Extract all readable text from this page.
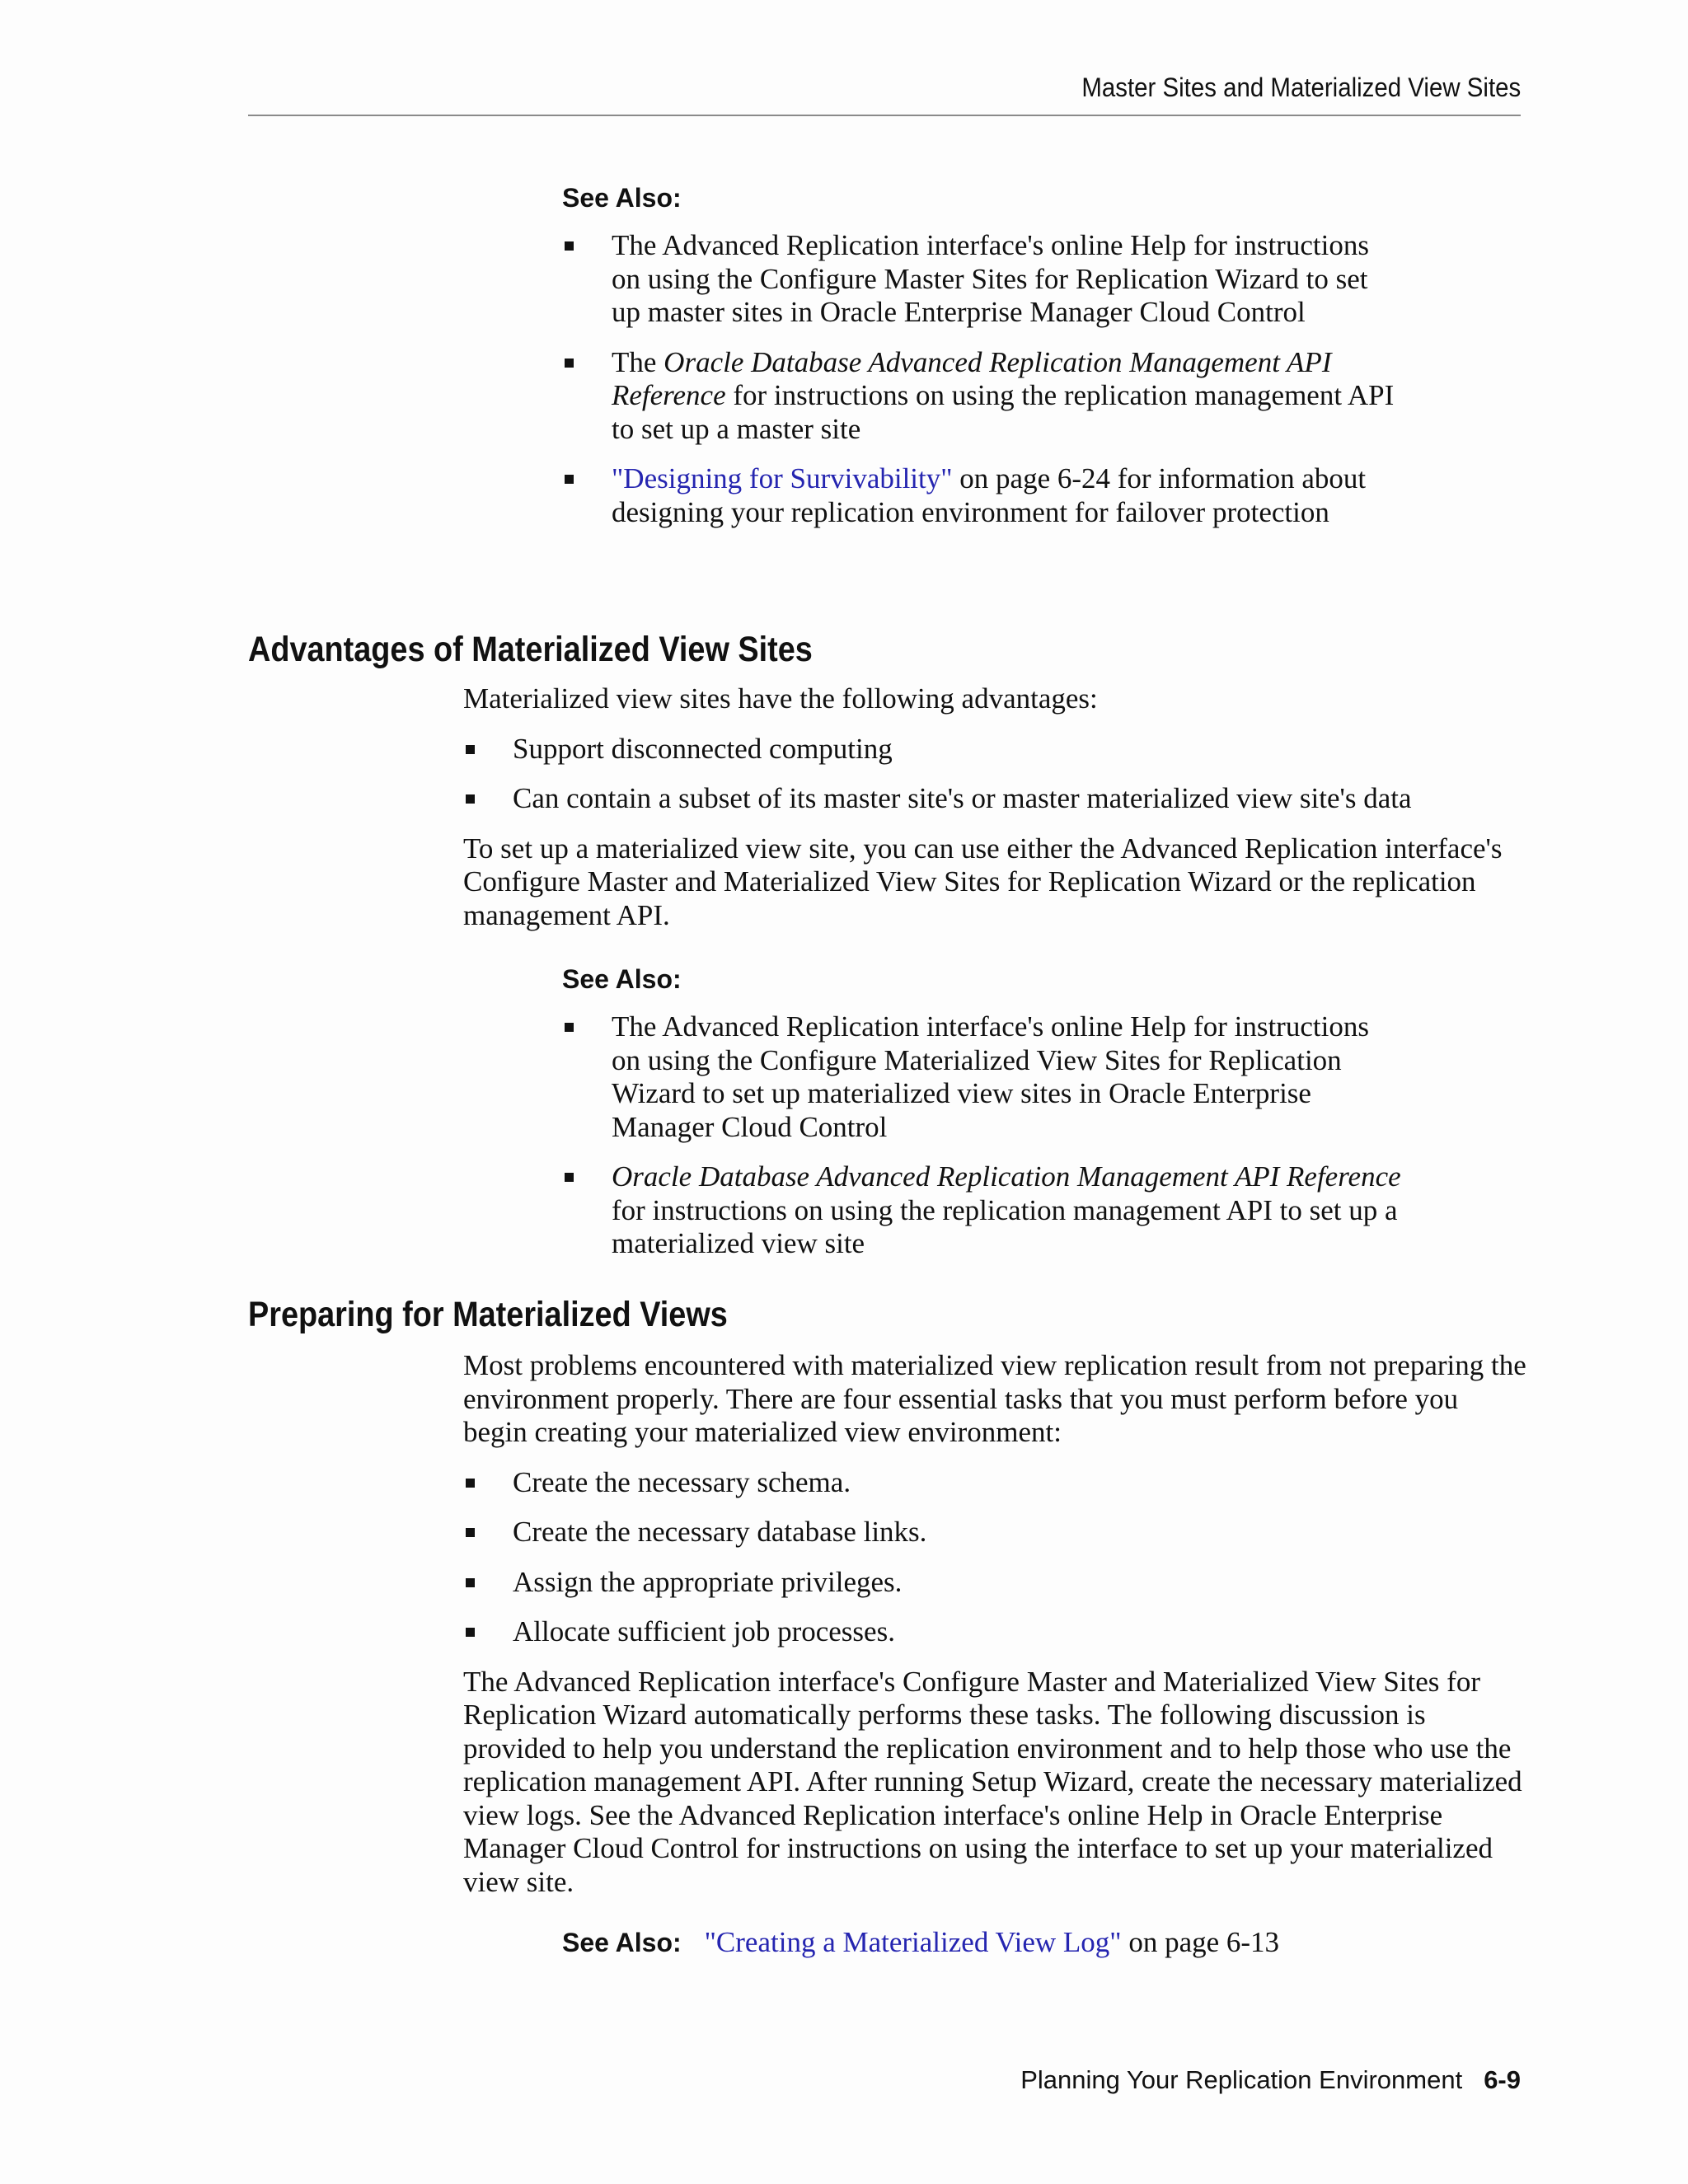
Master Sites and Materialized View Sites
See Also:
The Advanced Replication interface's online Help for instructions on using the Configure Master Sites for Replication Wizard to set up master sites in Oracle Enterprise Manager Cloud Control
The Oracle Database Advanced Replication Management API Reference for instructions on using the replication management API to set up a master site
"Designing for Survivability" on page 6-24 for information about designing your replication environment for failover protection
Advantages of Materialized View Sites
Materialized view sites have the following advantages:
Support disconnected computing
Can contain a subset of its master site's or master materialized view site's data
To set up a materialized view site, you can use either the Advanced Replication interface's Configure Master and Materialized View Sites for Replication Wizard or the replication management API.
See Also:
The Advanced Replication interface's online Help for instructions on using the Configure Materialized View Sites for Replication Wizard to set up materialized view sites in Oracle Enterprise Manager Cloud Control
Oracle Database Advanced Replication Management API Reference for instructions on using the replication management API to set up a materialized view site
Preparing for Materialized Views
Most problems encountered with materialized view replication result from not preparing the environment properly. There are four essential tasks that you must perform before you begin creating your materialized view environment:
Create the necessary schema.
Create the necessary database links.
Assign the appropriate privileges.
Allocate sufficient job processes.
The Advanced Replication interface's Configure Master and Materialized View Sites for Replication Wizard automatically performs these tasks. The following discussion is provided to help you understand the replication environment and to help those who use the replication management API. After running Setup Wizard, create the necessary materialized view logs. See the Advanced Replication interface's online Help in Oracle Enterprise Manager Cloud Control for instructions on using the interface to set up your materialized view site.
See Also: "Creating a Materialized View Log" on page 6-13
Planning Your Replication Environment 6-9
